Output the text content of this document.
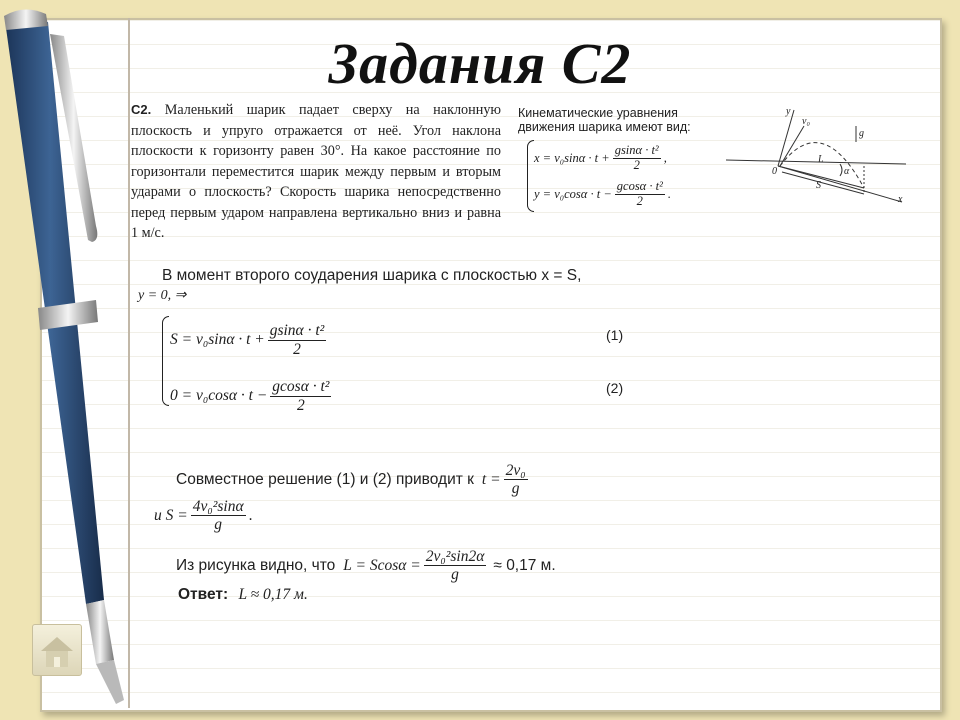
Задания С2
С2. Маленький шарик падает сверху на наклонную плоскость и упруго отражается от неё. Угол наклона плоскости к горизонту равен 30°. На какое расстояние по горизонтали переместится шарик между первым и вторым ударами о плоскость? Скорость шарика непосредственно перед первым ударом направлена вертикально вниз и равна 1 м/с.
Кинематические уравнения движения шарика имеют вид:
$x = v_0\sin\alpha \cdot t + \frac{\text{gsinα · t²}}{2}$ ,
$y = v_0\cos\alpha \cdot t - \frac{\text{gcosα · t²}}{2}$ .
y
v₀
g
L
α
S
0
x
В момент второго соударения шарика с плоскостью x = S,
y = 0, ⇒
$S = v_0\sin\alpha \cdot t + \frac{\text{gsinα · t²}}{2}$
$0 = v_0\cos\alpha \cdot t - \frac{\text{gcosα · t²}}{2}$
(1)
(2)
Совместное решение (1) и (2) приводит к $t = \frac{\text{2v₀}}{g}$
и $S = \frac{\text{4v₀²sinα}}{g}$ .
Из рисунка видно, что $L = Scos\alpha = \frac{\text{2v₀²sin2α}}{g} \approx 0,17$ м.
Ответ: L ≈ 0,17 м.
